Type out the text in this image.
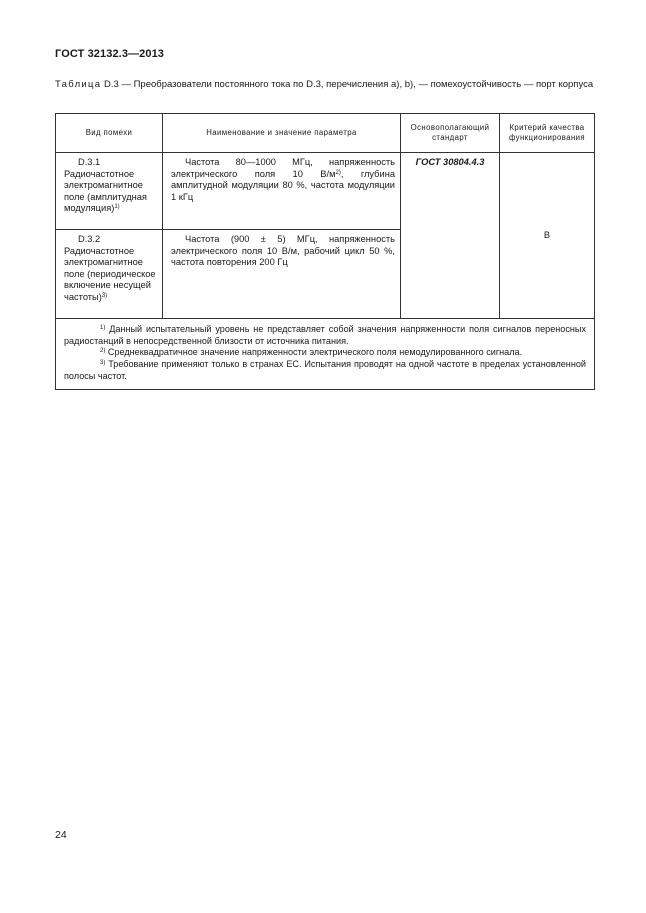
ГОСТ 32132.3—2013
Таблица D.3 — Преобразователи постоянного тока по D.3, перечисления а), b), — помехоустойчивость — порт корпуса
Вид помехи	Наименование и значение параметра	Основополагающий стандарт	Критерий качества функционирования
D.3.1 Радиочастотное электромагнитное поле (амплитудная модуляция)$^{1)}$	Частота 80—1000 МГц, напряженность электрического поля 10 $В/м^{2)}$, глубина амплитудной модуляции 80 %, частота модуляции 1 кГц	ГОСТ 30804.4.3	В
D.3.2 Радиочастотное электромагнитное поле (периодическое включение несущей частоты)$^{3)}$	Частота (900 ± 5) МГц, напряженность электрического поля 10 В/м, рабочий цикл 50 %, частота повторения 200 Гц		

$^{1)}$ Данный испытательный уровень не представляет собой значения напряженности поля сигналов переносных радиостанций в непосредственной близости от источника питания.
$^{2)}$ Среднеквадратичное значение напряженности электрического поля немодулированного сигнала.
$^{3)}$ Требование применяют только в странах ЕС. Испытания проводят на одной частоте в пределах установленной полосы частот.			
24
